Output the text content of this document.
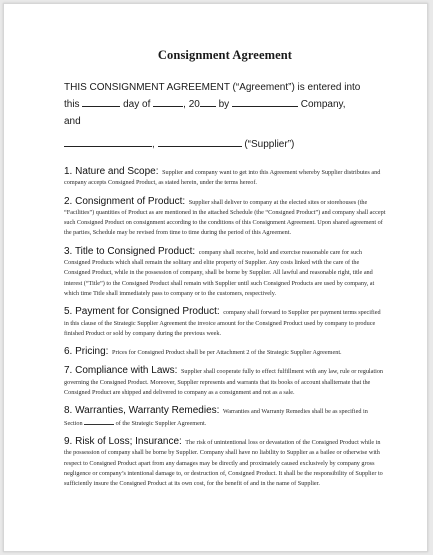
Consignment Agreement
THIS CONSIGNMENT AGREEMENT (“Agreement”) is entered into
this	day of	, 20 by	Company,
and
,	(“Supplier”)

1. Nature and Scope: Supplier and company want to get into this Agreement whereby Supplier distributes and company accepts Consigned Product, as stated herein, under the terms hereof.

2. Consignment of Product: Supplier shall deliver to company at the elected sites or storehouses (the “Facilities”) quantities of Product as are mentioned in the attached Schedule (the “Consigned Product”) and company shall accept such Consigned Product on consignment according to the conditions of this Consignment Agreement. Upon shared agreement of the parties, Schedule may be revised from time to time during the period of this Agreement.

3. Title to Consigned Product: company shall receive, hold and exercise reasonable care for such Consigned Products which shall remain the solitary and elite property of Supplier. Any costs linked with the care of the Consigned Product, while in the possession of company, shall be borne by Supplier. All lawful and reasonable right, title and interest (“Title”) to the Consigned Product shall remain with Supplier until such Consigned Products are used by company, at which time Title shall immediately pass to company or to the customers, respectively.

5. Payment for Consigned Product: company shall forward to Supplier per payment terms specified in this clause of the Strategic Supplier Agreement the invoice amount for the Consigned Product used by company to produce finished Product or sold by company during the previous week.

6. Pricing: Prices for Consigned Product shall be per Attachment 2 of the Strategic Supplier Agreement.

7. Compliance with Laws: Supplier shall cooperate fully to effect fulfillment with any law, rule or regulation governing the Consigned Product. Moreover, Supplier represents and warrants that its books of account shallternate that the Consigned Product are shipped and delivered to company as a consignment and not as a sale.

8. Warranties, Warranty Remedies: Warranties and Warranty Remedies shall be as specified in Section	of the Strategic Supplier Agreement.

9. Risk of Loss; Insurance: The risk of unintentional loss or devastation of the Consigned Product while in the possession of company shall be borne by Supplier. Company shall have no liability to Supplier as a bailee or otherwise with respect to Consigned Product apart from any damages may be directly and proximately caused exclusively by company gross negligence or company’s intentional damage to, or destruction of, Consigned Product. It shall be the responsibility of Supplier to sufficiently insure the Consigned Product at its own cost, for the benefit of and in the name of Supplier.
